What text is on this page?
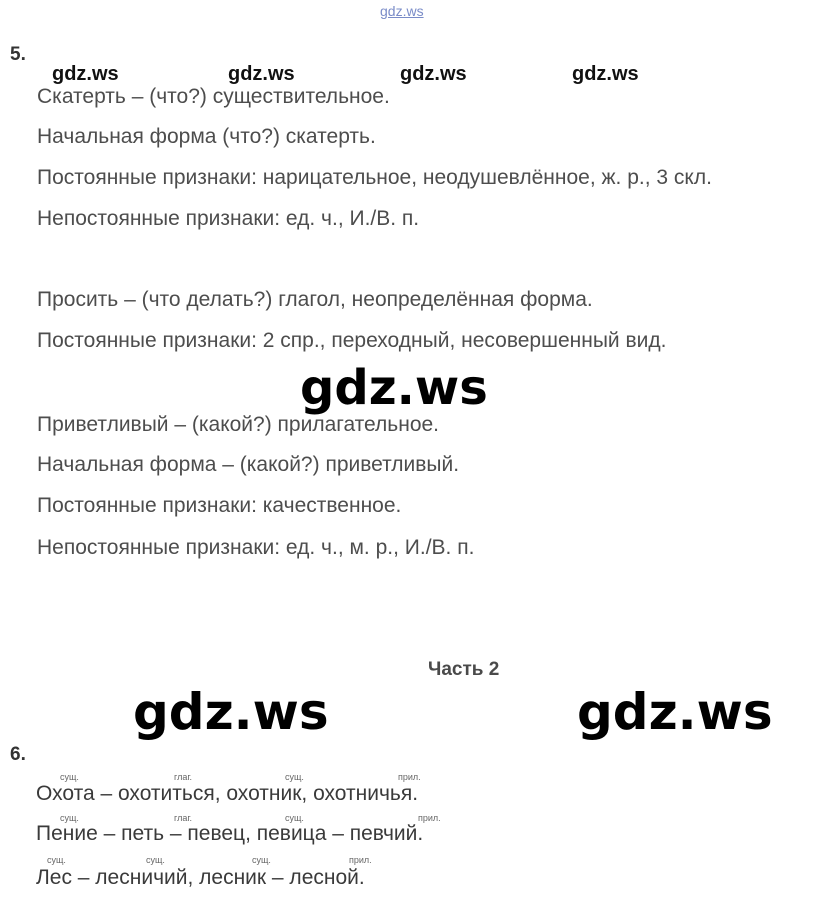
gdz.ws
5.
gdz.ws	gdz.ws	gdz.ws	gdz.ws
Скатерть – (что?) существительное.
Начальная форма (что?) скатерть.
Постоянные признаки: нарицательное, неодушевлённое, ж. р., 3 скл.
Непостоянные признаки: ед. ч., И./В. п.
Просить – (что делать?) глагол, неопределённая форма.
Постоянные признаки: 2 спр., переходный, несовершенный вид.
gdz.ws
Приветливый – (какой?) прилагательное.
Начальная форма – (какой?) приветливый.
Постоянные признаки: качественное.
Непостоянные признаки: ед. ч., м. р., И./В. п.
Часть 2
gdz.ws	gdz.ws
6.
сущ.	глаг.	сущ.	прил.
Охота – охотиться, охотник, охотничья.
сущ.	глаг.	сущ.	прил.
Пение – петь – певец, певица – певчий.
сущ.	сущ.	сущ.	прил.
Лес – лесничий, лесник – лесной.
